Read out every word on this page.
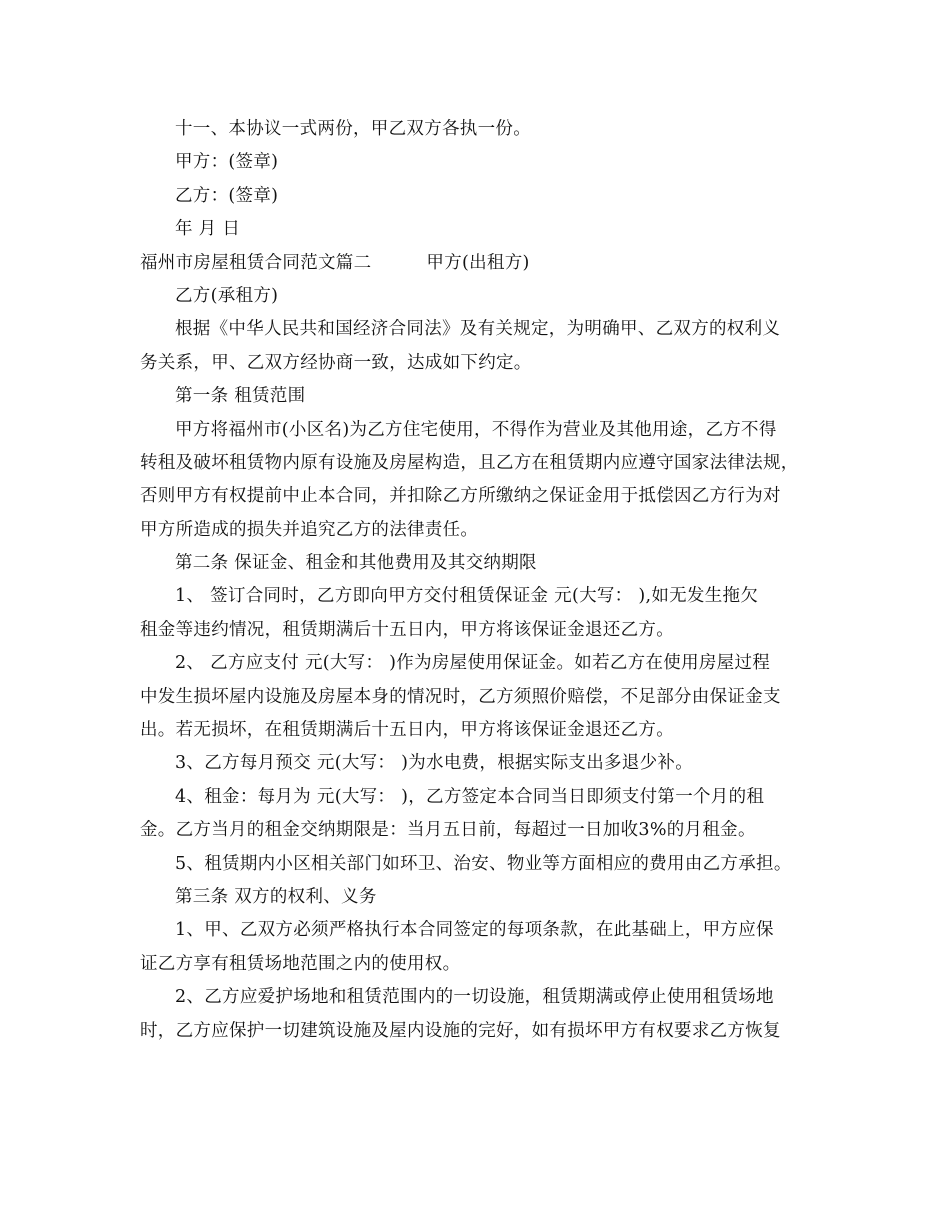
十一、本协议一式两份，甲乙双方各执一份。
甲方：(签章)
乙方：(签章)
年 月 日
福州市房屋租赁合同范文篇二	甲方(出租方)
乙方(承租方)
根据《中华人民共和国经济合同法》及有关规定，为明确甲、乙双方的权利义
务关系，甲、乙双方经协商一致，达成如下约定。
第一条 租赁范围
甲方将福州市(小区名)为乙方住宅使用，不得作为营业及其他用途，乙方不得
转租及破坏租赁物内原有设施及房屋构造，且乙方在租赁期内应遵守国家法律法规，
否则甲方有权提前中止本合同，并扣除乙方所缴纳之保证金用于抵偿因乙方行为对
甲方所造成的损失并追究乙方的法律责任。
第二条 保证金、租金和其他费用及其交纳期限
1、 签订合同时，乙方即向甲方交付租赁保证金 元(大写： ),如无发生拖欠
租金等违约情况，租赁期满后十五日内，甲方将该保证金退还乙方。
2、 乙方应支付 元(大写： )作为房屋使用保证金。如若乙方在使用房屋过程
中发生损坏屋内设施及房屋本身的情况时，乙方须照价赔偿，不足部分由保证金支
出。若无损坏，在租赁期满后十五日内，甲方将该保证金退还乙方。
3、乙方每月预交 元(大写： )为水电费，根据实际支出多退少补。
4、租金：每月为 元(大写： )，乙方签定本合同当日即须支付第一个月的租
金。乙方当月的租金交纳期限是：当月五日前，每超过一日加收3%的月租金。
5、租赁期内小区相关部门如环卫、治安、物业等方面相应的费用由乙方承担。
第三条 双方的权利、义务
1、甲、乙双方必须严格执行本合同签定的每项条款，在此基础上，甲方应保
证乙方享有租赁场地范围之内的使用权。
2、乙方应爱护场地和租赁范围内的一切设施，租赁期满或停止使用租赁场地
时，乙方应保护一切建筑设施及屋内设施的完好，如有损坏甲方有权要求乙方恢复
